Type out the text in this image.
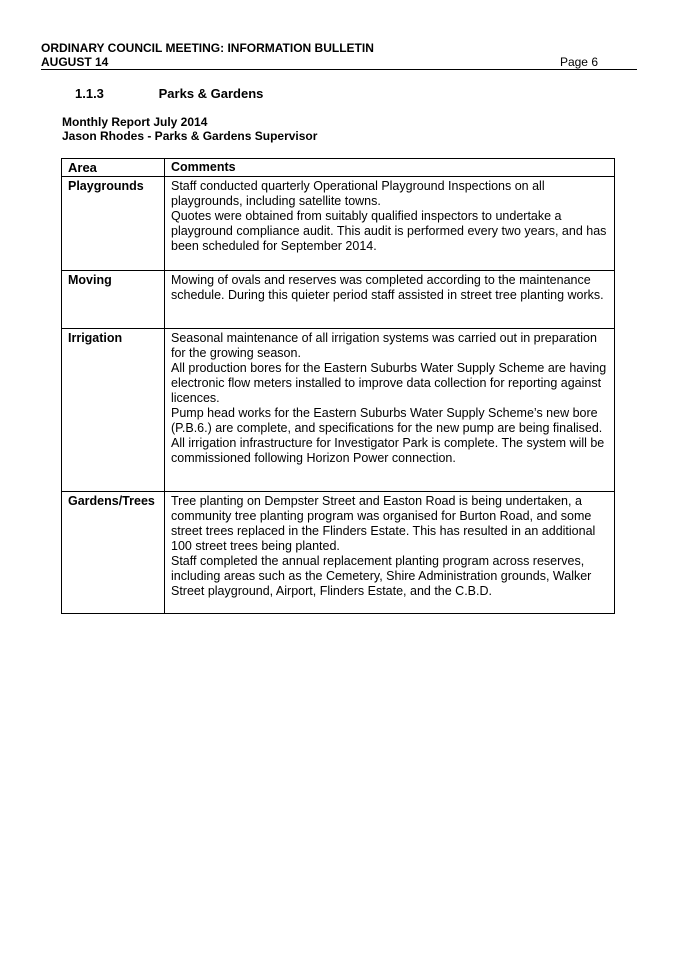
ORDINARY COUNCIL MEETING: INFORMATION BULLETIN
AUGUST 14	Page 6
1.1.3	Parks & Gardens
Monthly Report July 2014
Jason Rhodes - Parks & Gardens Supervisor
Area	Comments
Playgrounds	Staff conducted quarterly Operational Playground Inspections on all playgrounds, including satellite towns.
Quotes were obtained from suitably qualified inspectors to undertake a playground compliance audit. This audit is performed every two years, and has been scheduled for September 2014.

Moving	Mowing of ovals and reserves was completed according to the maintenance schedule. During this quieter period staff assisted in street tree planting works.

Irrigation	Seasonal maintenance of all irrigation systems was carried out in preparation for the growing season.
All production bores for the Eastern Suburbs Water Supply Scheme are having electronic flow meters installed to improve data collection for reporting against licences.
Pump head works for the Eastern Suburbs Water Supply Scheme’s new bore (P.B.6.) are complete, and specifications for the new pump are being finalised.
All irrigation infrastructure for Investigator Park is complete. The system will be commissioned following Horizon Power connection.

Gardens/Trees	Tree planting on Dempster Street and Easton Road is being undertaken, a community tree planting program was organised for Burton Road, and some street trees replaced in the Flinders Estate. This has resulted in an additional 100 street trees being planted.
Staff completed the annual replacement planting program across reserves, including areas such as the Cemetery, Shire Administration grounds, Walker Street playground, Airport, Flinders Estate, and the C.B.D.
